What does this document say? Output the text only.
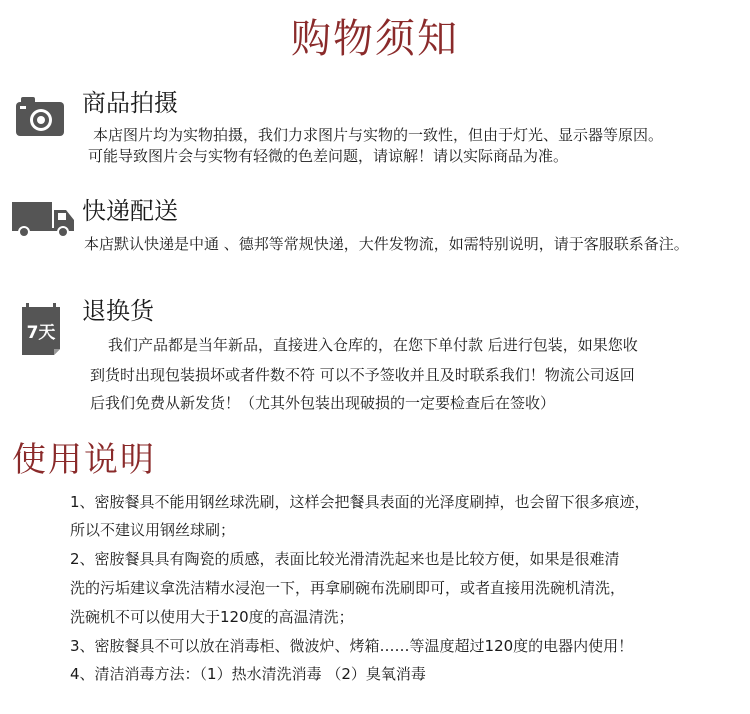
购物须知
商品拍摄
本店图片均为实物拍摄，我们力求图片与实物的一致性，但由于灯光、显示器等原因。
可能导致图片会与实物有轻微的色差问题，请谅解！请以实际商品为准。
快递配送
本店默认快递是中通 、德邦等常规快递，大件发物流，如需特别说明，请于客服联系备注。
7天
退换货
我们产品都是当年新品，直接进入仓库的，在您下单付款 后进行包装，如果您收
到货时出现包装损坏或者件数不符 可以不予签收并且及时联系我们！物流公司返回
后我们免费从新发货！（尤其外包装出现破损的一定要检查后在签收）
使用说明
1、密胺餐具不能用钢丝球洗刷，这样会把餐具表面的光泽度刷掉，也会留下很多痕迹，
所以不建议用钢丝球刷；
2、密胺餐具具有陶瓷的质感，表面比较光滑清洗起来也是比较方便，如果是很难清
洗的污垢建议拿洗洁精水浸泡一下，再拿刷碗布洗刷即可，或者直接用洗碗机清洗，
洗碗机不可以使用大于120度的高温清洗；
3、密胺餐具不可以放在消毒柜、微波炉、烤箱……等温度超过120度的电器内使用！
4、清洁消毒方法：（1）热水清洗消毒 （2）臭氧消毒
